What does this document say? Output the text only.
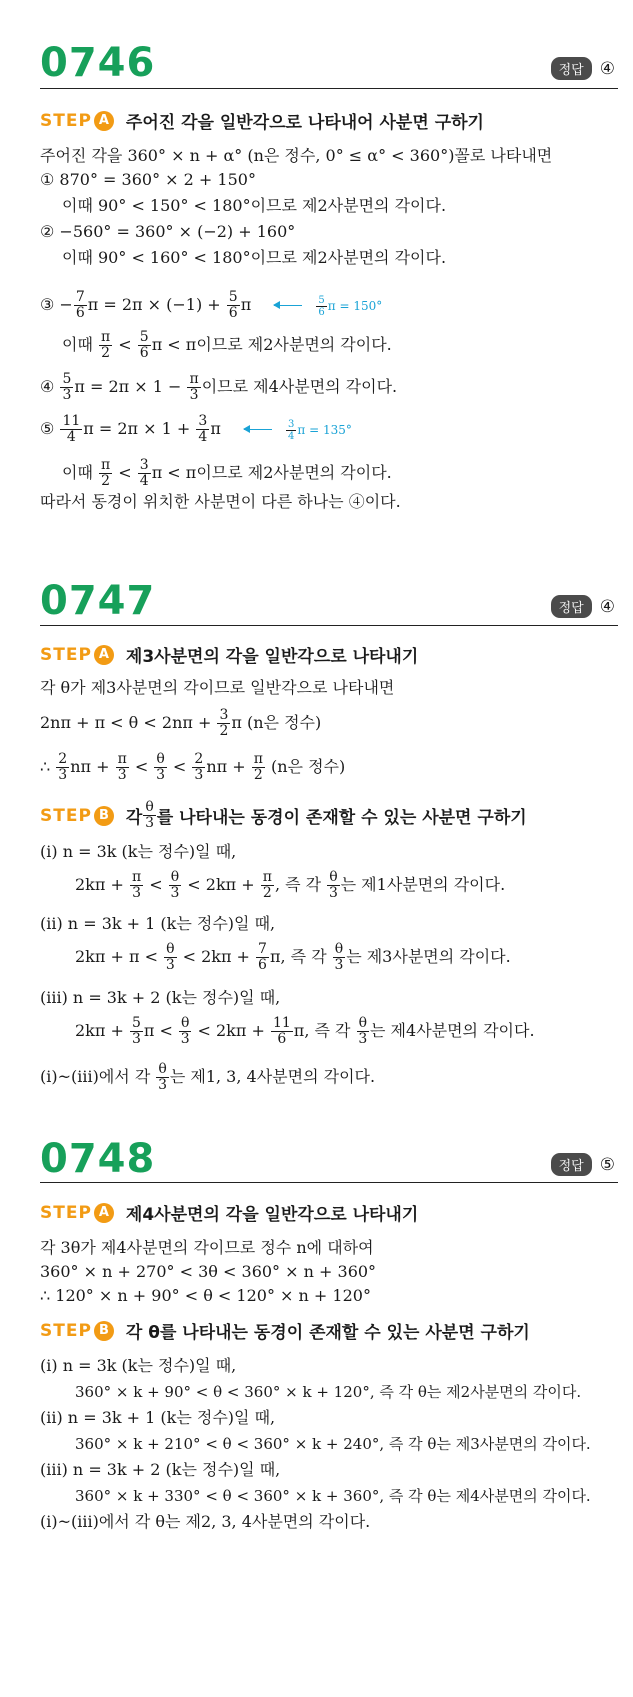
0746	정답 ④
STEP A 주어진 각을 일반각으로 나타내어 사분면 구하기
주어진 각을 360° × n + α° (n은 정수, 0° ≤ α° < 360°)꼴로 나타내면
① 870° = 360° × 2 + 150°
이때 90° < 150° < 180°이므로 제2사분면의 각이다.
② −560° = 360° × (−2) + 160°
이때 90° < 160° < 180°이므로 제2사분면의 각이다.
③ − $\frac{7}{6}$ $\pi = 2\pi \times (-1) + \frac{5}{6}$ π	$\frac{5}{6}$ π = 150°
이때 $\frac{\pi}{2} < \frac{5}{6}$ π < π이므로 제2사분면의 각이다.
④ $\frac{5}{3}$ $\pi = 2\pi \times 1 - \frac{\pi}{3}$ 이므로 제4사분면의 각이다.
⑤ $\frac{11}{4}$ $\pi = 2\pi \times 1 + \frac{3}{4}$ π	$\frac{3}{4}$ π = 135°
이때 $\frac{\pi}{2} < \frac{3}{4}$ π < π이므로 제2사분면의 각이다.
따라서 동경이 위치한 사분면이 다른 하나는 ④이다.
0747	정답 ④
STEP A 제3사분면의 각을 일반각으로 나타내기
각 θ가 제3사분면의 각이므로 일반각으로 나타내면
$2n\pi + \pi < \theta < 2n\pi + \frac{3}{2}$ π (n은 정수)
∴ $\frac{2}{3}$ $n\pi + \frac{\pi}{3} < \frac{\theta}{3} < \frac{2}{3}$ $n\pi + \frac{\pi}{2} (n$은 정수)
STEP B 각
θ
3 를 나타내는 동경이 존재할 수 있는 사분면 구하기
(ⅰ) n = 3k (k는 정수)일 때,
$2k\pi + \frac{\pi}{3} < \frac{\theta}{3} < 2k\pi + \frac{\pi}{2}$ , 즉 각 $\frac{\theta}{3}$ 는 제1사분면의 각이다.
(ⅱ) n = 3k + 1 (k는 정수)일 때,
$2k\pi + \pi < \frac{\theta}{3} < 2k\pi + \frac{7}{6} \pi$, 즉 각 $\frac{\theta}{3}$ 는 제3사분면의 각이다.
(ⅲ) n = 3k + 2 (k는 정수)일 때,
$2k\pi + \frac{5}{3}$ $\pi < \frac{\theta}{3} < 2k\pi + \frac{11}{6} \pi$, 즉 각 $\frac{\theta}{3}$ 는 제4사분면의 각이다.
(ⅰ)~(ⅲ)에서 각 $\frac{\theta}{3}$ 는 제1, 3, 4사분면의 각이다.
0748	정답 ⑤
STEP A 제4사분면의 각을 일반각으로 나타내기
각 3θ가 제4사분면의 각이므로 정수 n에 대하여
360° × n + 270° < 3θ < 360° × n + 360°
∴ 120° × n + 90° < θ < 120° × n + 120°
STEP B 각 θ를 나타내는 동경이 존재할 수 있는 사분면 구하기
(ⅰ) n = 3k (k는 정수)일 때,
360° × k + 90° < θ < 360° × k + 120°, 즉 각 θ는 제2사분면의 각이다.
(ⅱ) n = 3k + 1 (k는 정수)일 때,
360° × k + 210° < θ < 360° × k + 240°, 즉 각 θ는 제3사분면의 각이다.
(ⅲ) n = 3k + 2 (k는 정수)일 때,
360° × k + 330° < θ < 360° × k + 360°, 즉 각 θ는 제4사분면의 각이다.
(ⅰ)~(ⅲ)에서 각 θ는 제2, 3, 4사분면의 각이다.
